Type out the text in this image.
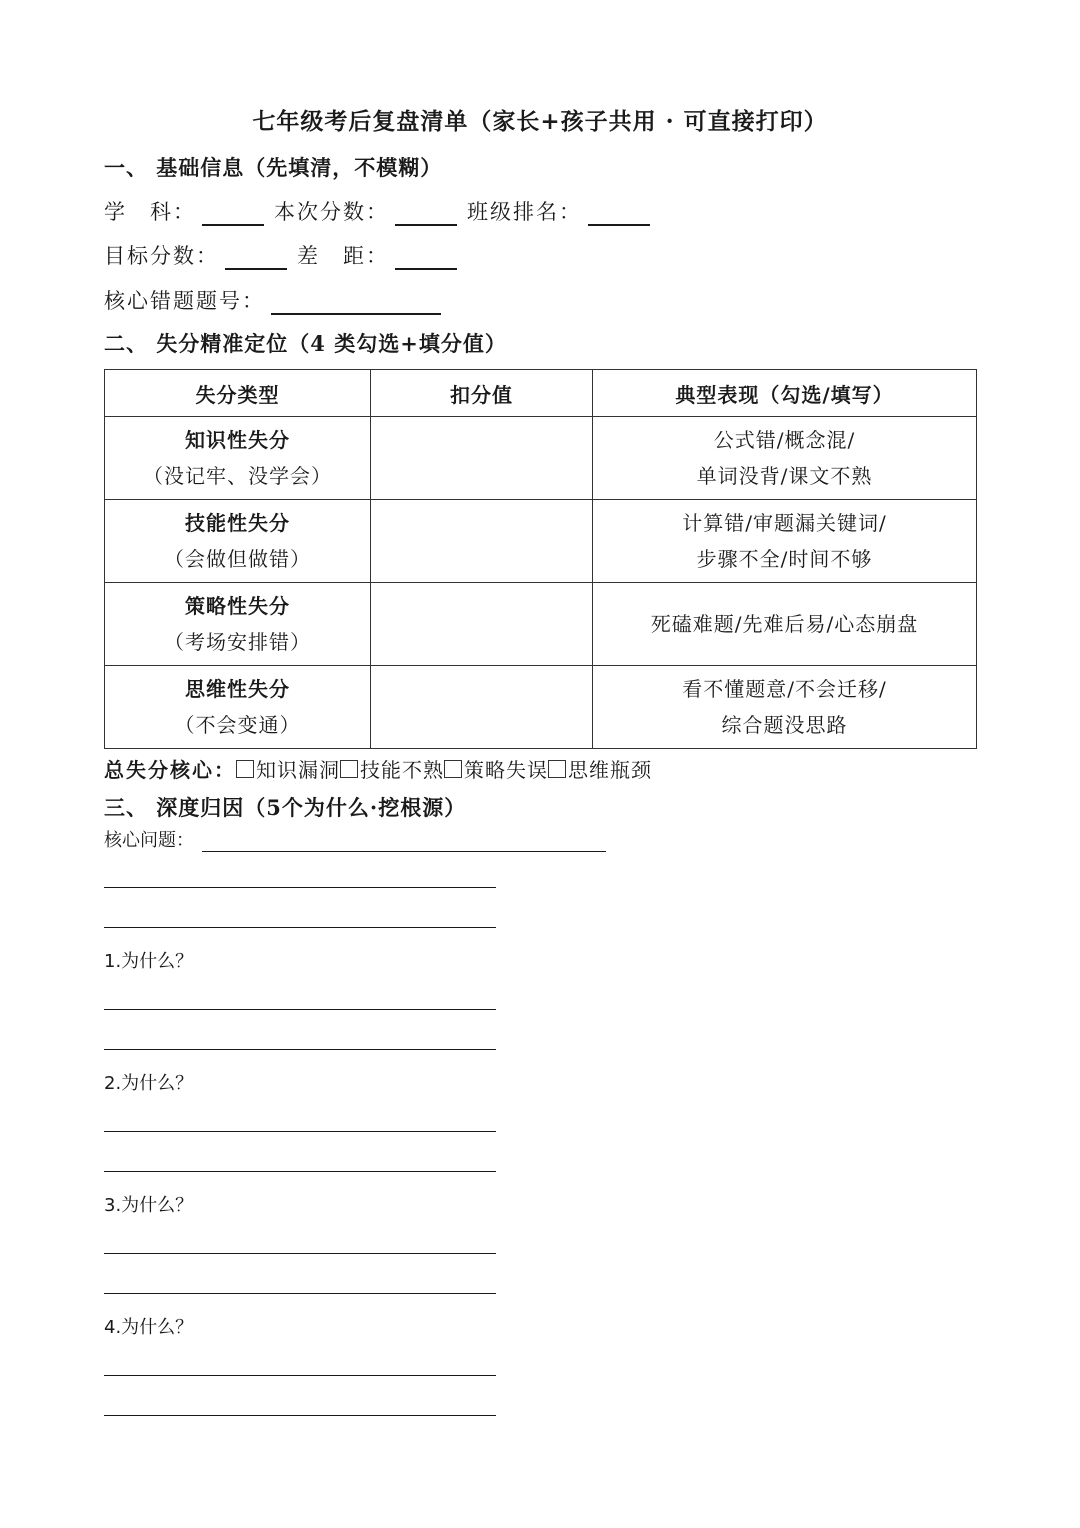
七年级考后复盘清单（家长+孩子共用 · 可直接打印）
一、 基础信息（先填清，不模糊）
学　科：	本次分数：	班级排名：
目标分数：	差　距：
核心错题题号：
二、 失分精准定位（4 类勾选+填分值）
失分类型	扣分值	典型表现（勾选/填写）

知识性失分
（没记牢、没学会）		公式错/概念混/
单词没背/课文不熟

技能性失分
（会做但做错）		计算错/审题漏关键词/
步骤不全/时间不够

策略性失分
（考场安排错）		死磕难题/先难后易/心态崩盘

思维性失分
（不会变通）		看不懂题意/不会迁移/
综合题没思路
总失分核心： 知识漏洞 技能不熟 策略失误 思维瓶颈
三、 深度归因（5个为什么·挖根源）
核心问题：
1.为什么？
2.为什么？
3.为什么？
4.为什么？
